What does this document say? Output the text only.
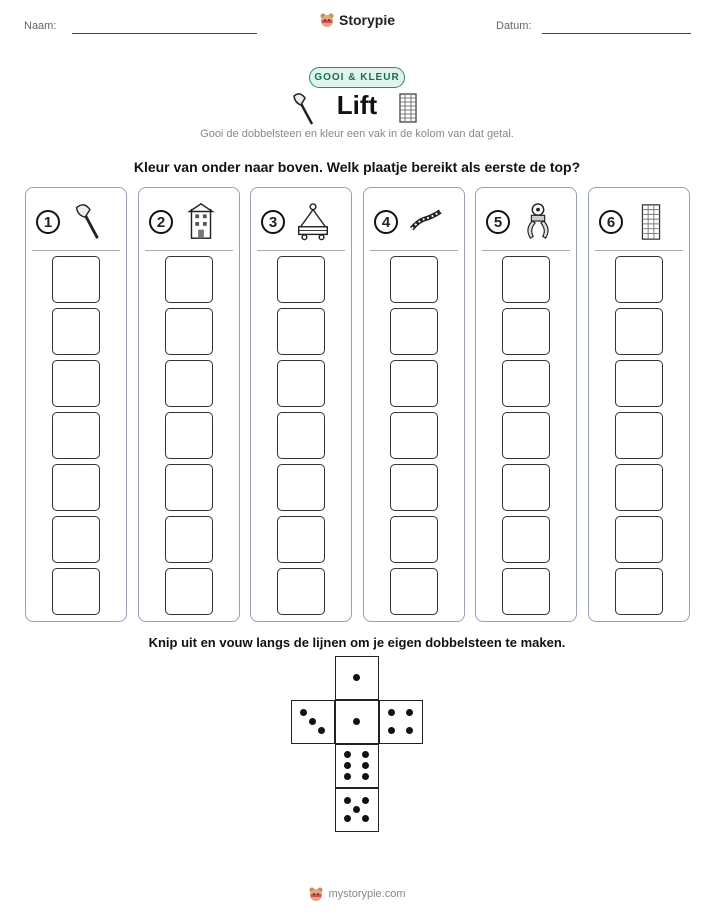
Naam:	Datum:
Storypie
GOOI & KLEUR
Lift
Gooi de dobbelsteen en kleur een vak in de kolom van dat getal.
Kleur van onder naar boven. Welk plaatje bereikt als eerste de top?
1	2	3	4	5	6
Knip uit en vouw langs de lijnen om je eigen dobbelsteen te maken.
mystorypie.com
